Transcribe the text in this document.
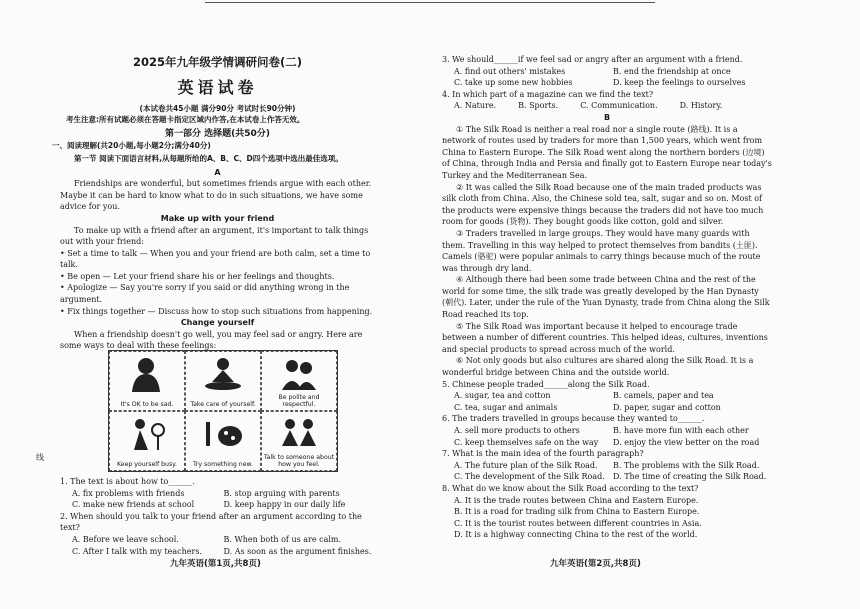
2025年九年级学情调研问卷(二)
英语试卷
(本试卷共45小题 满分90分 考试时长90分钟)
考生注意:所有试题必须在答题卡指定区域内作答,在本试卷上作答无效。
第一部分 选择题(共50分)
一、阅读理解(共20小题,每小题2分;满分40分)
第一节 阅读下面语言材料,从每题所给的A、B、C、D四个选项中选出最佳选项。
A

Friendships are wonderful, but sometimes friends argue with each other. Maybe it can be hard to know what to do in such situations, we have some advice for you.

Make up with your friend

To make up with a friend after an argument, it's important to talk things out with your friend:

• Set a time to talk — When you and your friend are both calm, set a time to talk.
• Be open — Let your friend share his or her feelings and thoughts.
• Apologize — Say you're sorry if you said or did anything wrong in the argument.
• Fix things together — Discuss how to stop such situations from happening.
Change yourself

When a friendship doesn't go well, you may feel sad or angry. Here are some ways to deal with these feelings:

It's OK to be sad.	Take care of yourself.
Be polite and respectful.
Keep yourself busy.	Try something new.
Talk to someone about how you feel.
1. The text is about how to______.
A. fix problems with friends	B. stop arguing with parents
C. make new friends at school	D. keep happy in our daily life
2. When should you talk to your friend after an argument according to the text?
A. Before we leave school.	B. When both of us are calm.
C. After I talk with my teachers.	D. As soon as the argument finishes.
线
九年英语(第1页,共8页)
3. We should______if we feel sad or angry after an argument with a friend.
A. find out others' mistakes	B. end the friendship at once
C. take up some new hobbies	D. keep the feelings to ourselves
4. In which part of a magazine can we find the text?
A. Nature.	B. Sports.	C. Communication.	D. History.
B

① The Silk Road is neither a real road nor a single route (路线). It is a network of routes used by traders for more than 1,500 years, which went from China to Eastern Europe. The Silk Road went along the northern borders (边境) of China, through India and Persia and finally got to Eastern Europe near today's Turkey and the Mediterranean Sea.

② It was called the Silk Road because one of the main traded products was silk cloth from China. Also, the Chinese sold tea, salt, sugar and so on. Most of the products were expensive things because the traders did not have too much room for goods (货物). They bought goods like cotton, gold and silver.

③ Traders travelled in large groups. They would have many guards with them. Travelling in this way helped to protect themselves from bandits (土匪). Camels (骆驼) were popular animals to carry things because much of the route was through dry land.

④ Although there had been some trade between China and the rest of the world for some time, the silk trade was greatly developed by the Han Dynasty (朝代). Later, under the rule of the Yuan Dynasty, trade from China along the Silk Road reached its top.

⑤ The Silk Road was important because it helped to encourage trade between a number of different countries. This helped ideas, cultures, inventions and special products to spread across much of the world.

⑥ Not only goods but also cultures are shared along the Silk Road. It is a wonderful bridge between China and the outside world.

5. Chinese people traded______along the Silk Road.
A. sugar, tea and cotton	B. camels, paper and tea
C. tea, sugar and animals	D. paper, sugar and cotton
6. The traders travelled in groups because they wanted to______.
A. sell more products to others	B. have more fun with each other
C. keep themselves safe on the way	D. enjoy the view better on the road
7. What is the main idea of the fourth paragraph?
A. The future plan of the Silk Road.	B. The problems with the Silk Road.
C. The development of the Silk Road.	D. The time of creating the Silk Road.
8. What do we know about the Silk Road according to the text?
A. It is the trade routes between China and Eastern Europe.
B. It is a road for trading silk from China to Eastern Europe.
C. It is the tourist routes between different countries in Asia.
D. It is a highway connecting China to the rest of the world.
九年英语(第2页,共8页)
